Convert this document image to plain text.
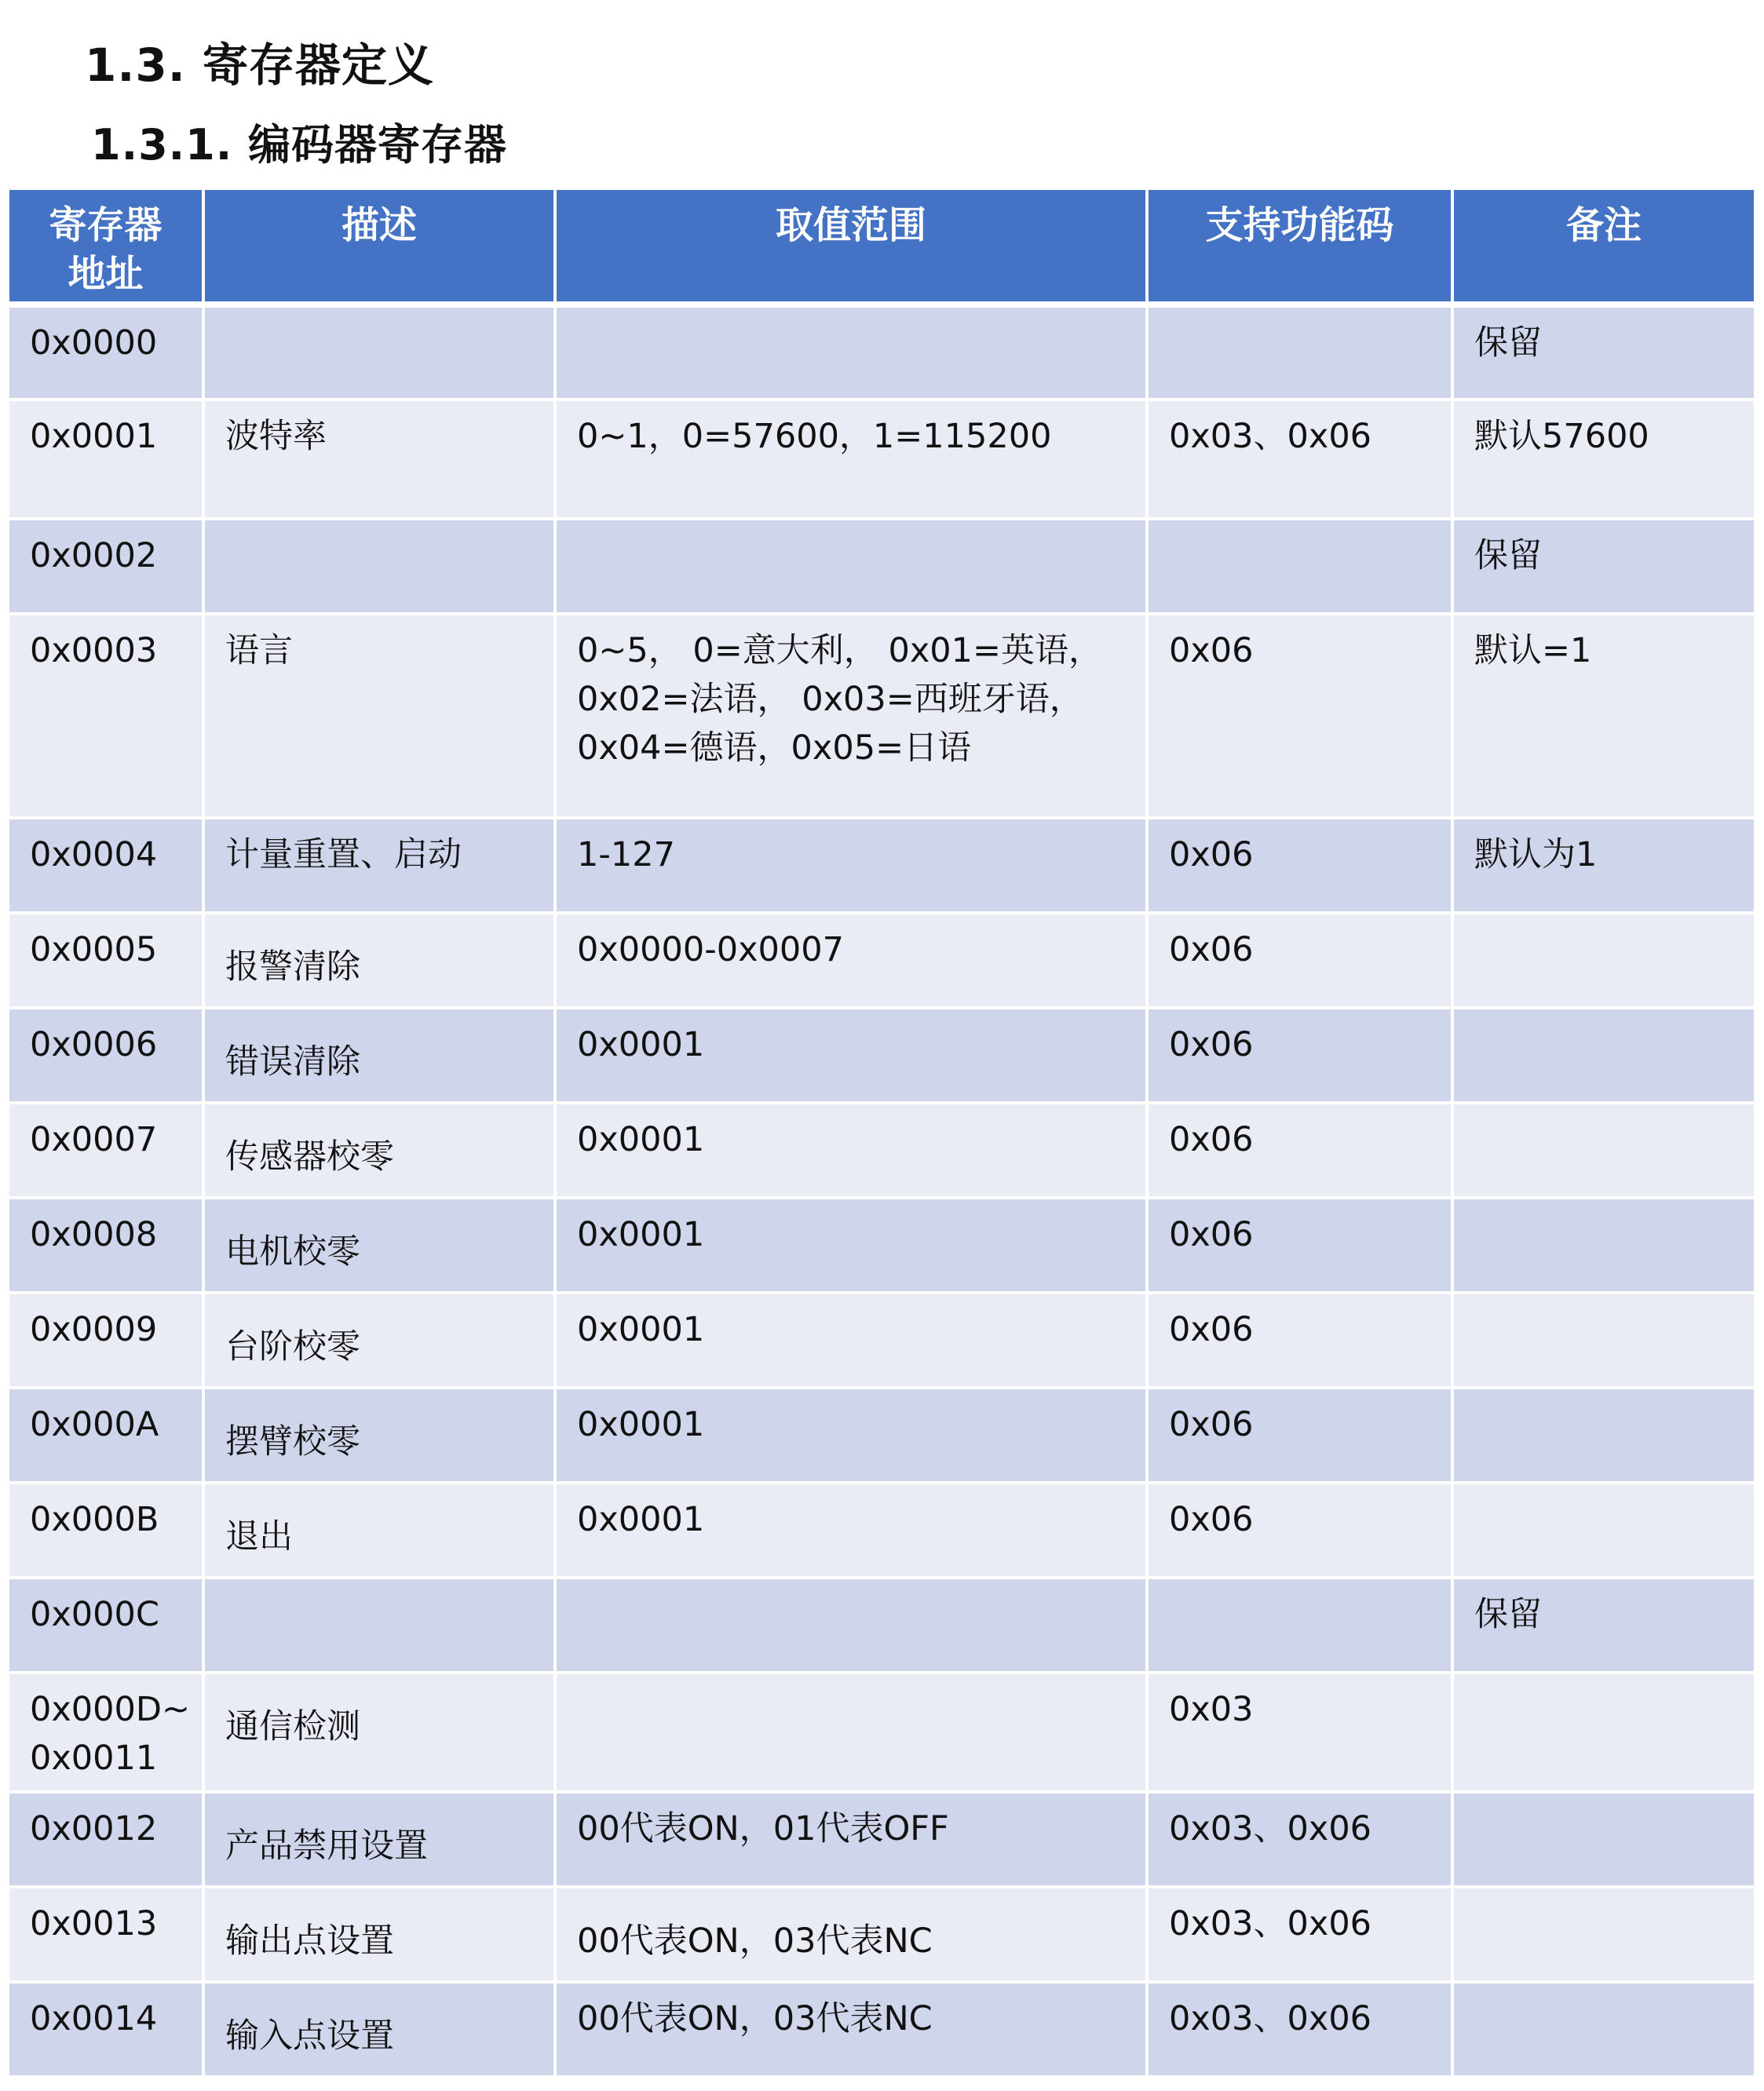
1.3. 寄存器定义
1.3.1. 编码器寄存器
寄存器
地址	描述	取值范围	支持功能码	备注
0x0000				保留
0x0001	波特率	0~1，0=57600，1=115200	0x03、0x06	默认57600
0x0002				保留
0x0003	语言	0~5， 0=意大利， 0x01=英语， 0x02=法语， 0x03=西班牙语， 0x04=德语，0x05=日语	0x06	默认=1
0x0004	计量重置、启动	1-127	0x06	默认为1
0x0005	报警清除	0x0000-0x0007	0x06	
0x0006	错误清除	0x0001	0x06	
0x0007	传感器校零	0x0001	0x06	
0x0008	电机校零	0x0001	0x06	
0x0009	台阶校零	0x0001	0x06	
0x000A	摆臂校零	0x0001	0x06	
0x000B	退出	0x0001	0x06	
0x000C				保留
0x000D~
0x0011	通信检测		0x03	
0x0012	产品禁用设置	00代表ON，01代表OFF	0x03、0x06	
0x0013	输出点设置	00代表ON，03代表NC	0x03、0x06	
0x0014	输入点设置	00代表ON，03代表NC	0x03、0x06	
